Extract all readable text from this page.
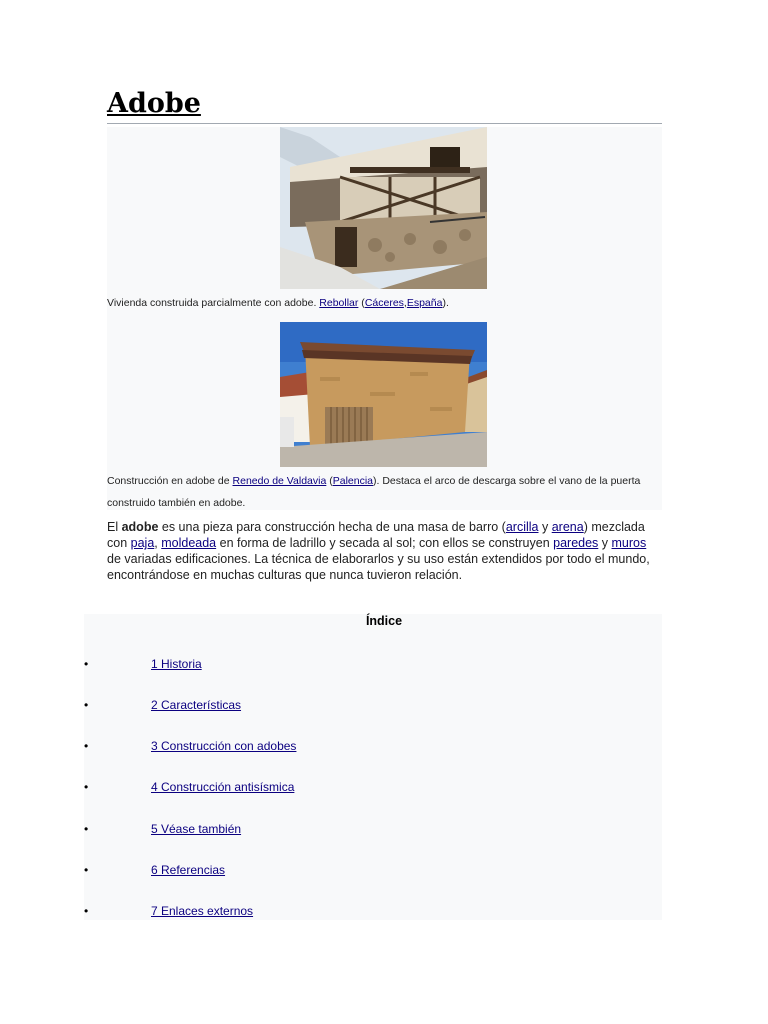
Adobe
Vivienda construida parcialmente con adobe. Rebollar (Cáceres,España).
Construcción en adobe de Renedo de Valdavia (Palencia). Destaca el arco de descarga sobre el vano de la puerta construido también en adobe.
El adobe es una pieza para construcción hecha de una masa de barro (arcilla y arena) mezclada con paja, moldeada en forma de ladrillo y secada al sol; con ellos se construyen paredes y muros de variadas edificaciones. La técnica de elaborarlos y su uso están extendidos por todo el mundo, encontrándose en muchas culturas que nunca tuvieron relación.
Índice
•	1 Historia
•	2 Características
•	3 Construcción con adobes
•	4 Construcción antisísmica
•	5 Véase también
•	6 Referencias
•	7 Enlaces externos
